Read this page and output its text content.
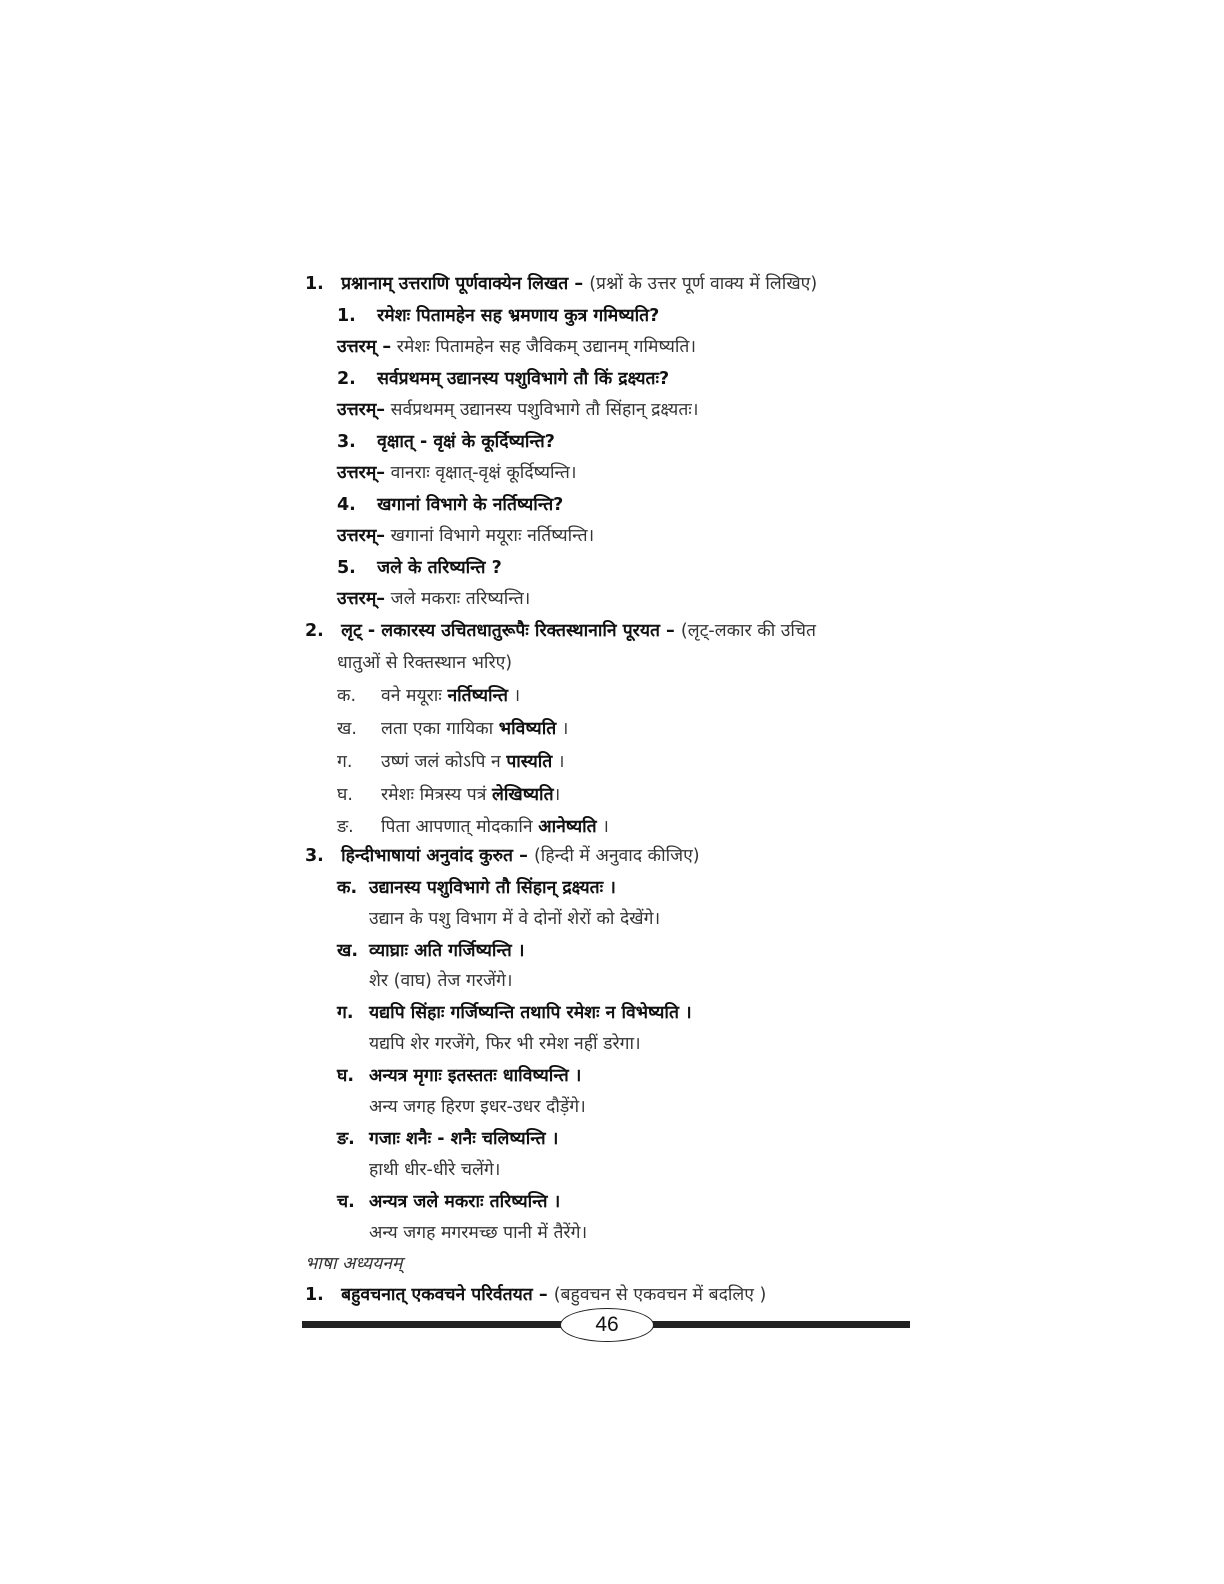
1. प्रश्नानाम् उत्तराणि पूर्णवाक्येन लिखत – (प्रश्नों के उत्तर पूर्ण वाक्य में लिखिए)
1. रमेशः पितामहेन सह भ्रमणाय कुत्र गमिष्यति?
उत्तरम् – रमेशः पितामहेन सह जैविकम् उद्यानम् गमिष्यति।
2. सर्वप्रथमम् उद्यानस्य पशुविभागे तौ किं द्रक्ष्यतः?
उत्तरम्– सर्वप्रथमम् उद्यानस्य पशुविभागे तौ सिंहान् द्रक्ष्यतः।
3. वृक्षात् - वृक्षं के कूर्दिष्यन्ति?
उत्तरम्– वानराः वृक्षात्-वृक्षं कूर्दिष्यन्ति।
4. खगानां विभागे के नर्तिष्यन्ति?
उत्तरम्– खगानां विभागे मयूराः नर्तिष्यन्ति।
5. जले के तरिष्यन्ति ?
उत्तरम्– जले मकराः तरिष्यन्ति।
2. लृट् - लकारस्य उचितधातुरूपैः रिक्तस्थानानि पूरयत – (लृट्-लकार की उचित
धातुओं से रिक्तस्थान भरिए)
क. वने मयूराः नर्तिष्यन्ति ।
ख. लता एका गायिका भविष्यति ।
ग. उष्णं जलं कोऽपि न पास्यति ।
घ. रमेशः मित्रस्य पत्रं लेखिष्यति।
ङ. पिता आपणात् मोदकानि आनेष्यति ।
3. हिन्दीभाषायां अनुवांद कुरुत – (हिन्दी में अनुवाद कीजिए)
क. उद्यानस्य पशुविभागे तौ सिंहान् द्रक्ष्यतः ।
उद्यान के पशु विभाग में वे दोनों शेरों को देखेंगे।
ख. व्याघ्राः अति गर्जिष्यन्ति ।
शेर (वाघ) तेज गरजेंगे।
ग. यद्यपि सिंहाः गर्जिष्यन्ति तथापि रमेशः न विभेष्यति ।
यद्यपि शेर गरजेंगे, फिर भी रमेश नहीं डरेगा।
घ. अन्यत्र मृगाः इतस्ततः धाविष्यन्ति ।
अन्य जगह हिरण इधर-उधर दौड़ेंगे।
ङ. गजाः शनैः - शनैः चलिष्यन्ति ।
हाथी धीर-धीरे चलेंगे।
च. अन्यत्र जले मकराः तरिष्यन्ति ।
अन्य जगह मगरमच्छ पानी में तैरेंगे।
भाषा अध्ययनम्
1. बहुवचनात् एकवचने परिर्वतयत – (बहुवचन से एकवचन में बदलिए )
46
